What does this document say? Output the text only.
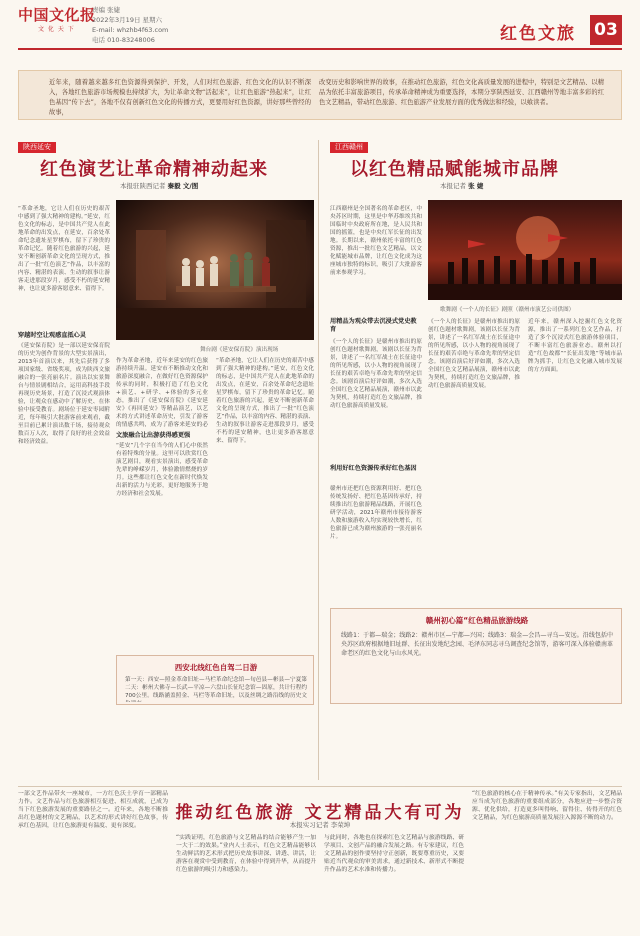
中国文化报
文 化 天 下
责编 张婕
2022年3月19日 星期六
E-mail: whzhb4f63.com
电话 010-83248006	红色文旅 03
近年来，随着越来越多红色资源得到保护、开发，人们对红色旅游、红色文化的认识不断深入，各地红色旅游市场规模也持续扩大，为让革命文物“活起来”，让红色旅游“热起来”，让红色基因“传下去”，各地不仅有创新红色文化的传播方式，更要用好红色资源，讲好那些曾经的故事，
改变历史和影响世界的故事，在推动红色旅游，红色文化高质量发展的进程中，特别是文艺精品、以精品为依托丰富旅游项目，传承革命精神成为重要选择，本期分享陕西延安、江西赣州等地丰富多彩的红色文艺精品，带动红色旅游、红色旅游产业发展方面的优秀做法和经验，以飨读者。
陕西延安
红色演艺让革命精神动起来
本报驻陕西记者 秦毅 文/图
江西赣州
以红色精品赋能城市品牌
本报记者 张 婕
“革命圣地，它让人们在历史的艰苦中感到了强大精神的建构。”延安，红色文化的标志，是中国共产党人在此地革命的出发点，在延安，百余处革命纪念遗址星罗棋布，留下了珍贵的革命记忆。随着红色旅游的兴起，延安不断创新革命文化的呈现方式，推出了一批“红色演艺”作品，以丰富的内容、精湛的表演、生动的叙事让游客走进那段岁月，感受不朽的延安精神，也让更多游客愿意来、留得下。
穿越时空让观感直抵心灵
《延安保育院》是一部以延安保育院的历史为创作背景的大型实景演出，2013年首演以来，其先后获得了多项国家级、省级奖项，成为陕西文旅融合的一张亮丽名片。演出以实景舞台与情景剧相结合，运用高科技手段再现历史场景，打造了沉浸式观演体验，让观众在感动中了解历史、在体验中接受教育。剧场位于延安枣园附近，每年吸引大批游客前来观看，截至目前已累计演出数千场，接待观众数百万人次，取得了良好的社会效益和经济效益。
舞台剧《延安保育院》演出现场
作为革命圣地，近年来延安的红色旅游持续升温。延安市不断推动文化和旅游深度融合，在做好红色资源保护传承的同时，积极打造了红色文化+演艺、+研学、+体验的多元业态，推出了《延安保育院》《延安延安》《再回延安》等精品演艺，以艺术的方式讲述革命历史，引发了游客的情感共鸣，成为了游客来延安的必
文旅融合让出游获得感更强
“延安”几个字在当今的人们心中依然有着特殊的分量。这里可以欣赏红色演艺剧目，观看实景演出，感受革命先辈的峥嵘岁月，体验激情燃烧的岁月。这些都让红色文化在新时代焕发出新的活力与光彩，更好地服务于地方经济和社会发展。
“革命圣地，它让人们在历史的艰苦中感到了强大精神的建构。”延安，红色文化的标志，是中国共产党人在此地革命的出发点，在延安，百余处革命纪念遗址星罗棋布，留下了珍贵的革命记忆。随着红色旅游的兴起，延安不断创新革命文化的呈现方式，推出了一批“红色演艺”作品，以丰富的内容、精湛的表演、生动的叙事让游客走进那段岁月，感受不朽的延安精神，也让更多游客愿意来、留得下。
西安北线红色自驾二日游
第一天：西安—照金革命旧址—马栏革命纪念馆—旬邑县—彬县—宁夏第二天：彬州大佛寺—长武—平凉—六盘山长征纪念馆—固原，共计行程约700公里。线路涵盖照金、马栏等革命旧址，以及丝绸之路沿线的历史文
江西赣州是全国著名的革命老区，中央苏区时期，这里是中华苏维埃共和国临时中央政府所在地，是人民共和国的摇篮，也是中央红军长征的出发地。长期以来，赣州依托丰富的红色资源，推出一批红色文艺精品，以文化赋能城市品牌，让红色文化成为这座城市独特的标识，吸引了大批游客前来参观学习。
用精品为观众带去沉浸式党史教育
《一个人的长征》是赣州市推出的原创红色题材歌舞剧，该剧以长征为背景，讲述了一名红军战士在长征途中的所见所感，以小人物的视角展现了长征的艰苦卓绝与革命先辈的坚定信念。该剧首演后好评如潮，多次入选全国红色文艺精品展演，赣州市以此为契机，持续打造红色文旅品牌，推动红色旅游高质量发展。
利用好红色资源传承好红色基因
赣州市还把红色资源利用好、把红色传统发扬好、把红色基因传承好，持续推出红色旅游精品线路，开展红色研学活动，2021年赣州市接待游客人数和旅游收入均实现较快增长，红色旅游已成为赣州旅游的一张亮丽名片。
歌舞剧《一个人的长征》剧照（赣州市演艺公司供图）
《一个人的长征》是赣州市推出的原创红色题材歌舞剧，该剧以长征为背景，讲述了一名红军战士在长征途中的所见所感，以小人物的视角展现了长征的艰苦卓绝与革命先辈的坚定信念。该剧首演后好评如潮，多次入选全国红色文艺精品展演，赣州市以此为契机，持续打造红色文旅品牌，推动红色旅游高质量发展。
近年来，赣州深入挖掘红色文化资源，推出了一系列红色文艺作品，打造了多个沉浸式红色旅游体验项目，不断丰富红色旅游业态。赣州以打造“红色故都”“长征出发地”等城市品牌为抓手，让红色文化融入城市发展的方方面面。
赣州初心篇“红色精品旅游线路
线路1：于都—瑞金；线路2：赣州市区—宁都—兴国；线路3：瑞金—会昌—寻乌—安远。沿线包括中央苏区政府根据地旧址群、长征出发地纪念园、毛泽东同志寻乌调查纪念馆等，游客可深入体验赣南革命老区的红色文化与山水风光。
推动红色旅游 文艺精品大有可为
本报实习记者 李荣坤
一部文艺作品带火一座城市，一方红色沃土孕育一部精品力作。文艺作品与红色旅游相互促进、相互成就，已成为当下红色旅游发展的重要路径之一。近年来，各地不断推出红色题材的文艺精品，以艺术的形式讲好红色故事，传承红色基因，让红色旅游更有温度、更有深度。
“实践证明，红色旅游与文艺精品的结合能够产生一加一大于二的效果。”业内人士表示，红色文艺精品能够以生动鲜活的艺术形式把历史故事讲深、讲透、讲活，让游客在观赏中受到教育，在体验中得到升华，从而提升红色旅游的吸引力和感染力。
与此同时，各地也在探索红色文艺精品与旅游线路、研学项目、文创产品的融合发展之路。有专家建议，红色文艺精品的创作要坚持守正创新，既要尊重历史，又要贴近当代观众的审美需求，通过新技术、新形式不断提升作品的艺术水准和传播力。
“红色旅游的核心在于精神传承。”有关专家指出，文艺精品应当成为红色旅游的重要组成部分，各地应进一步整合资源、优化供给，打造更多叫得响、留得住、传得开的红色文艺精品，为红色旅游高质量发展注入源源不断的动力。
